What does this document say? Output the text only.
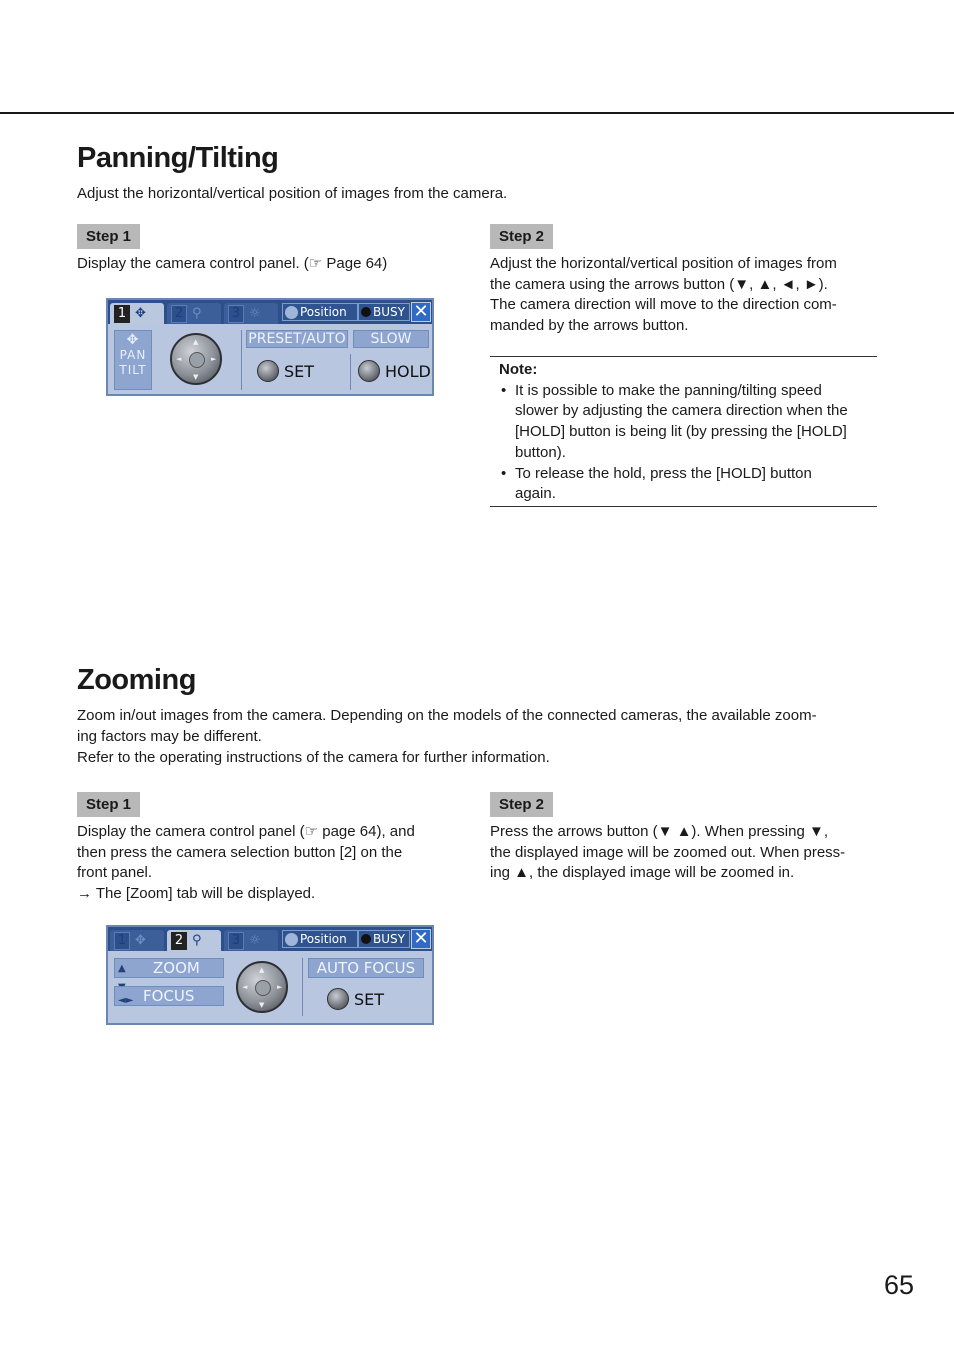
Panning/Tilting

Adjust the horizontal/vertical position of images from the camera.

Step 1

Display the camera control panel. (☞ Page 64)

Step 2

Adjust the horizontal/vertical position of images from

the camera using the arrows button (▼, ▲, ◄, ►).

The camera direction will move to the direction com-

manded by the arrows button.

Note:

• It is possible to make the panning/tilting speed
slower by adjusting the camera direction when the
[HOLD] button is being lit (by pressing the [HOLD]
button).
• To release the hold, press the [HOLD] button
again.
1 ✥ 2 ⚲ 3 ☼	Position BUSY ✕
✥
PAN
TILT
▲
▼
◄	►
PRESET/AUTO	SLOW
SET	HOLD
Zooming
Zoom in/out images from the camera. Depending on the models of the connected cameras, the available zoom-
ing factors may be different.
Refer to the operating instructions of the camera for further information.
Step 1

Display the camera control panel (☞ page 64), and

then press the camera selection button [2] on the

front panel.

→ The [Zoom] tab will be displayed.

Step 2

Press the arrows button (▼ ▲). When pressing ▼,

the displayed image will be zoomed out. When press-

ing ▲, the displayed image will be zoomed in.

1 ✥ 2 ⚲ 3 ☼	Position BUSY ✕
▲ ZOOM
◄► FOCUS
▲
▼
◄	►
AUTO FOCUS
SET
65
